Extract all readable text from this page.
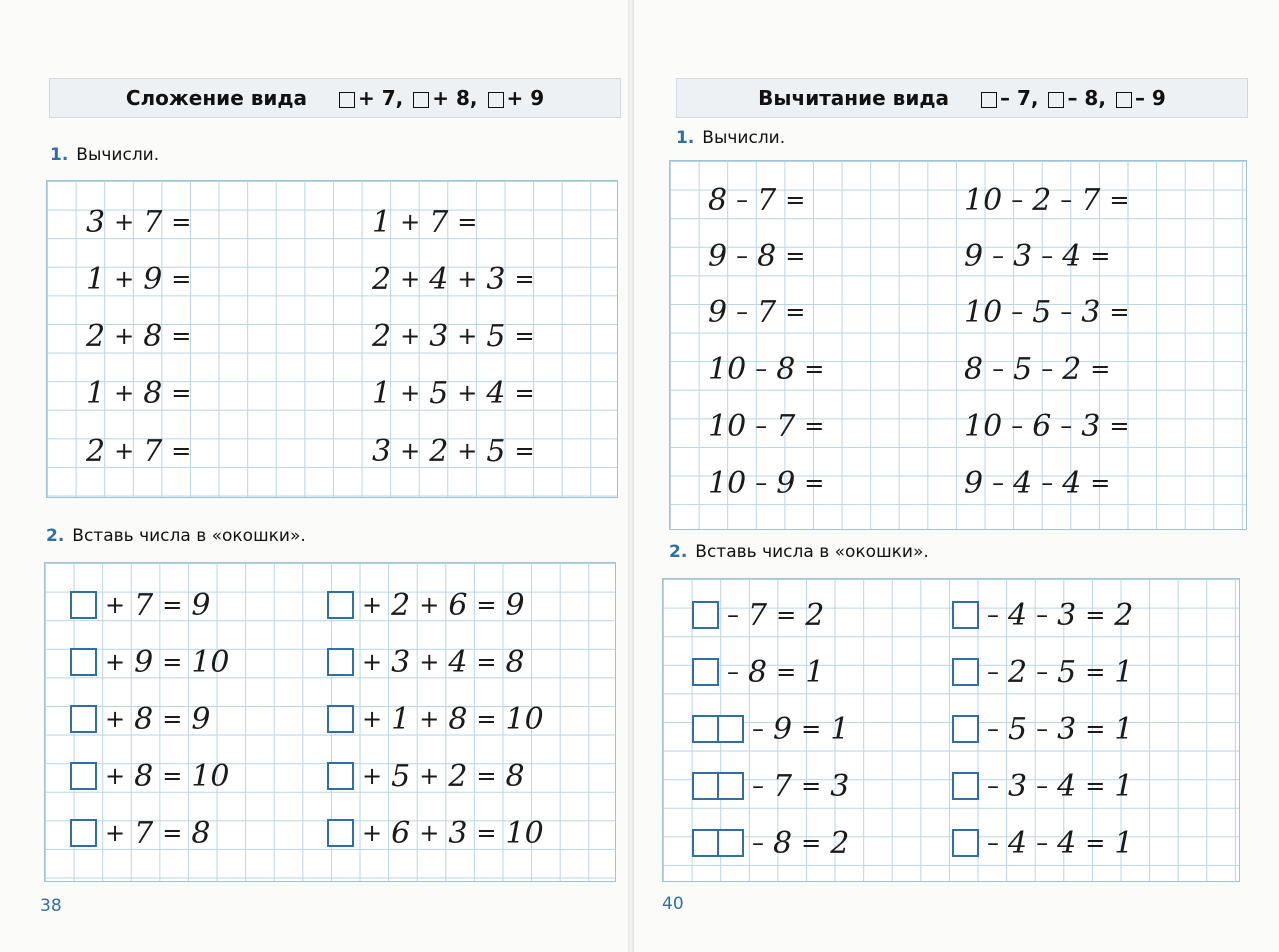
Сложение вида	+ 7,	+ 8,	+ 9
1. Вычисли.
3 + 7 =
1 + 9 =
2 + 8 =
1 + 8 =
2 + 7 =
1 + 7 =
2 + 4 + 3 =
2 + 3 + 5 =
1 + 5 + 4 =
3 + 2 + 5 =
2. Вставь числа в «окошки».
+ 7 = 9
+ 9 = 10
+ 8 = 9
+ 8 = 10
+ 7 = 8
+ 2 + 6 = 9
+ 3 + 4 = 8
+ 1 + 8 = 10
+ 5 + 2 = 8
+ 6 + 3 = 10
38
Вычитание вида	– 7,	– 8,	– 9
1. Вычисли.
8 – 7 =
9 – 8 =
9 – 7 =
10 – 8 =
10 – 7 =
10 – 9 =
10 – 2 – 7 =
9 – 3 – 4 =
10 – 5 – 3 =
8 – 5 – 2 =
10 – 6 – 3 =
9 – 4 – 4 =
2. Вставь числа в «окошки».
– 7 = 2
– 8 = 1
– 9 = 1
– 7 = 3
– 8 = 2
– 4 – 3 = 2
– 2 – 5 = 1
– 5 – 3 = 1
– 3 – 4 = 1
– 4 – 4 = 1
40
